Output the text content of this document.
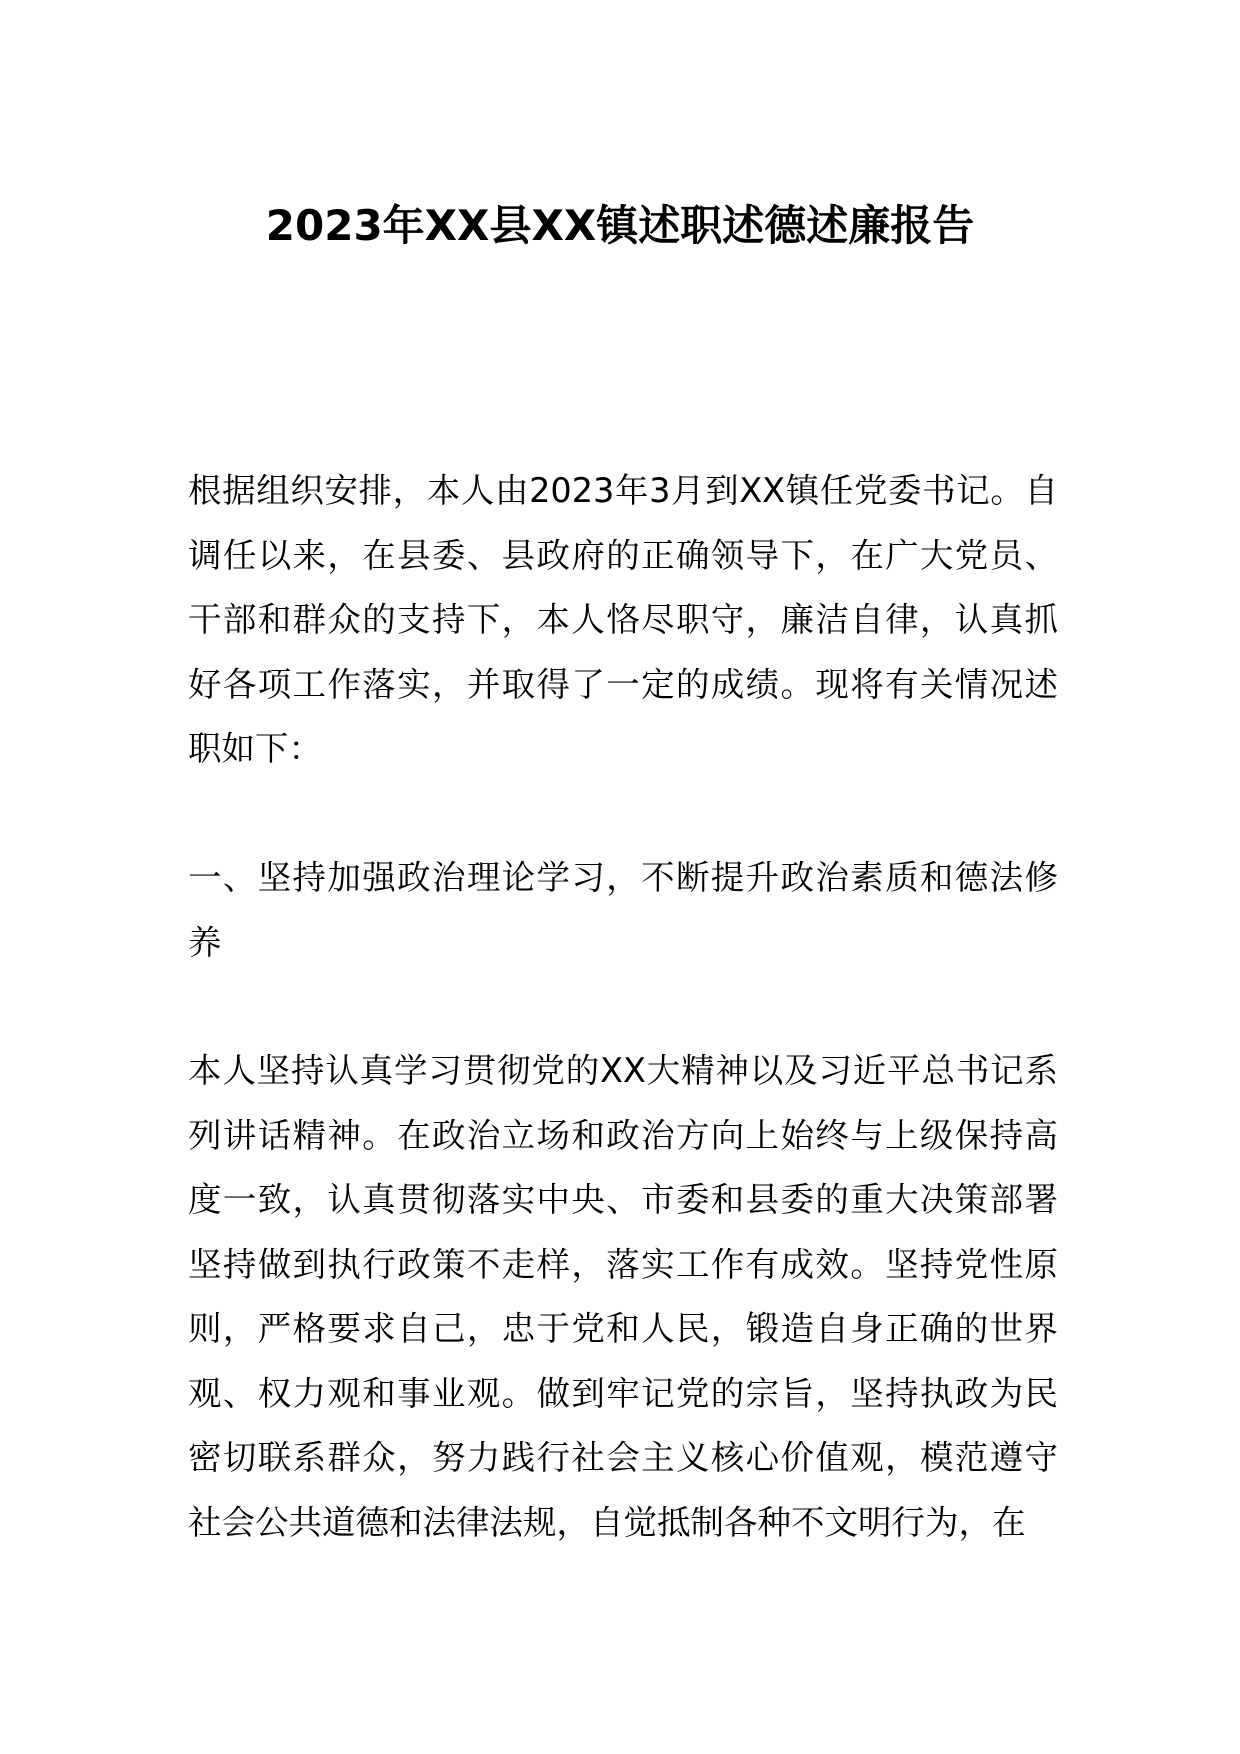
2023年XX县XX镇述职述德述廉报告

根据组织安排，本人由2023年3月到XX镇任党委书记。自调任以来，在县委、县政府的正确领导下，在广大党员、干部和群众的支持下，本人恪尽职守，廉洁自律，认真抓好各项工作落实，并取得了一定的成绩。现将有关情况述职如下：

一、坚持加强政治理论学习，不断提升政治素质和德法修养

本人坚持认真学习贯彻党的XX大精神以及习近平总书记系列讲话精神。在政治立场和政治方向上始终与上级保持高度一致，认真贯彻落实中央、市委和县委的重大决策部署坚持做到执行政策不走样，落实工作有成效。坚持党性原则，严格要求自己，忠于党和人民，锻造自身正确的世界观、权力观和事业观。做到牢记党的宗旨，坚持执政为民密切联系群众，努力践行社会主义核心价值观，模范遵守社会公共道德和法律法规，自觉抵制各种不文明行为，在
